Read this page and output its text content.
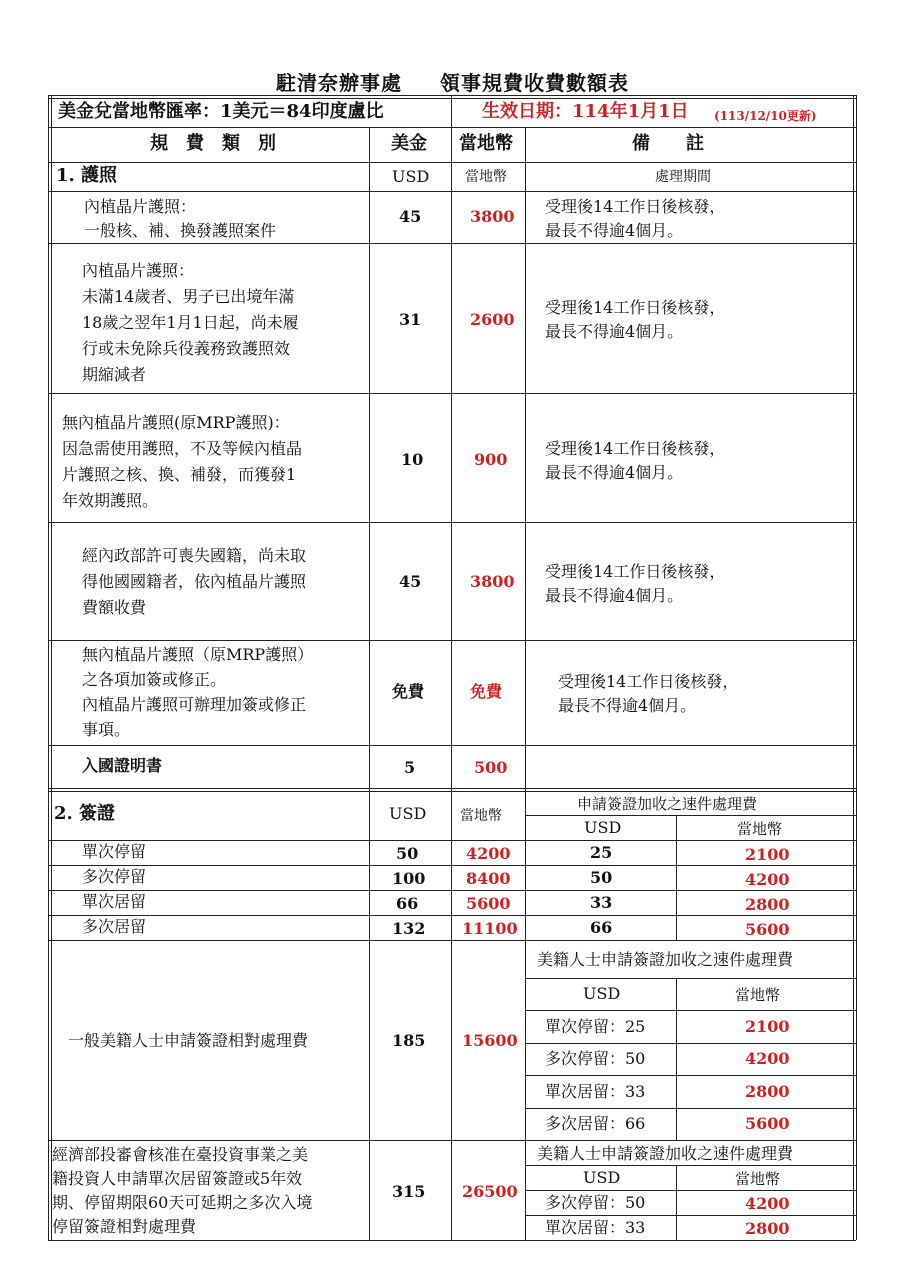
駐清奈辦事處 領事規費收費數額表
美金兌當地幣匯率：1美元＝84印度盧比	生效日期：114年1月1日 (113/12/10更新)
規　費　類　別	美金 當地幣	備　　註
1. 護照	USD	當地幣	處理期間
內植晶片護照：
一般核、補、換發護照案件
45	3800
受理後14工作日後核發，
最長不得逾4個月。
內植晶片護照：
未滿14歲者、男子已出境年滿
18歲之翌年1月1日起，尚未履
行或未免除兵役義務致護照效
期縮減者
31	2600
受理後14工作日後核發，
最長不得逾4個月。
無內植晶片護照(原MRP護照)：
因急需使用護照，不及等候內植晶
片護照之核、換、補發，而獲發1
年效期護照。
10	900
受理後14工作日後核發，
最長不得逾4個月。
經內政部許可喪失國籍，尚未取
得他國國籍者，依內植晶片護照
費額收費
45	3800
受理後14工作日後核發，
最長不得逾4個月。
無內植晶片護照（原MRP護照）
之各項加簽或修正。
內植晶片護照可辦理加簽或修正
事項。
免費	免費
受理後14工作日後核發，
最長不得逾4個月。
入國證明書	5	500
2. 簽證	USD 當地幣
申請簽證加收之速件處理費
USD	當地幣
單次停留	50	4200	25	2100
多次停留	100	8400	50	4200
單次居留	66	5600	33	2800
多次居留	132 11100	66	5600
一般美籍人士申請簽證相對處理費	185 15600
美籍人士申請簽證加收之速件處理費
USD	當地幣
單次停留：25	2100
多次停留：50	4200
單次居留：33	2800
多次居留：66	5600
經濟部投審會核准在臺投資事業之美
籍投資人申請單次居留簽證或5年效
期、停留期限60天可延期之多次入境
停留簽證相對處理費
315 26500
美籍人士申請簽證加收之速件處理費
USD	當地幣
多次停留：50	4200
單次居留：33	2800
